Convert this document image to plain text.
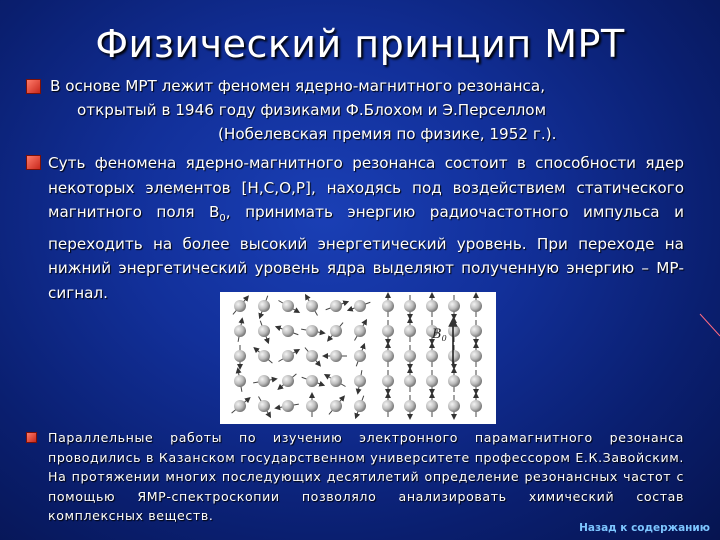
Физический принцип МРТ
В основе МРТ лежит феномен ядерно-магнитного резонанса,
открытый в 1946 году физиками Ф.Блохом и Э.Перселлом
(Нобелевская премия по физике, 1952 г.).
Суть феномена ядерно-магнитного резонанса состоит в способности ядер некоторых элементов [Н,С,О,Р], находясь под воздействием статического магнитного поля $В_0$, принимать энергию радиочастотного импульса и переходить на более высокий энергетический уровень. При переходе на нижний энергетический уровень ядра выделяют полученную энергию – МР-сигнал.
$B_0$
Параллельные работы по изучению электронного парамагнитного резонанса проводились в Казанском государственном университете профессором Е.К.Завойским. На протяжении многих последующих десятилетий определение резонансных частот с помощью ЯМР-спектроскопии позволяло анализировать химический состав комплексных веществ.
Назад к содержанию
